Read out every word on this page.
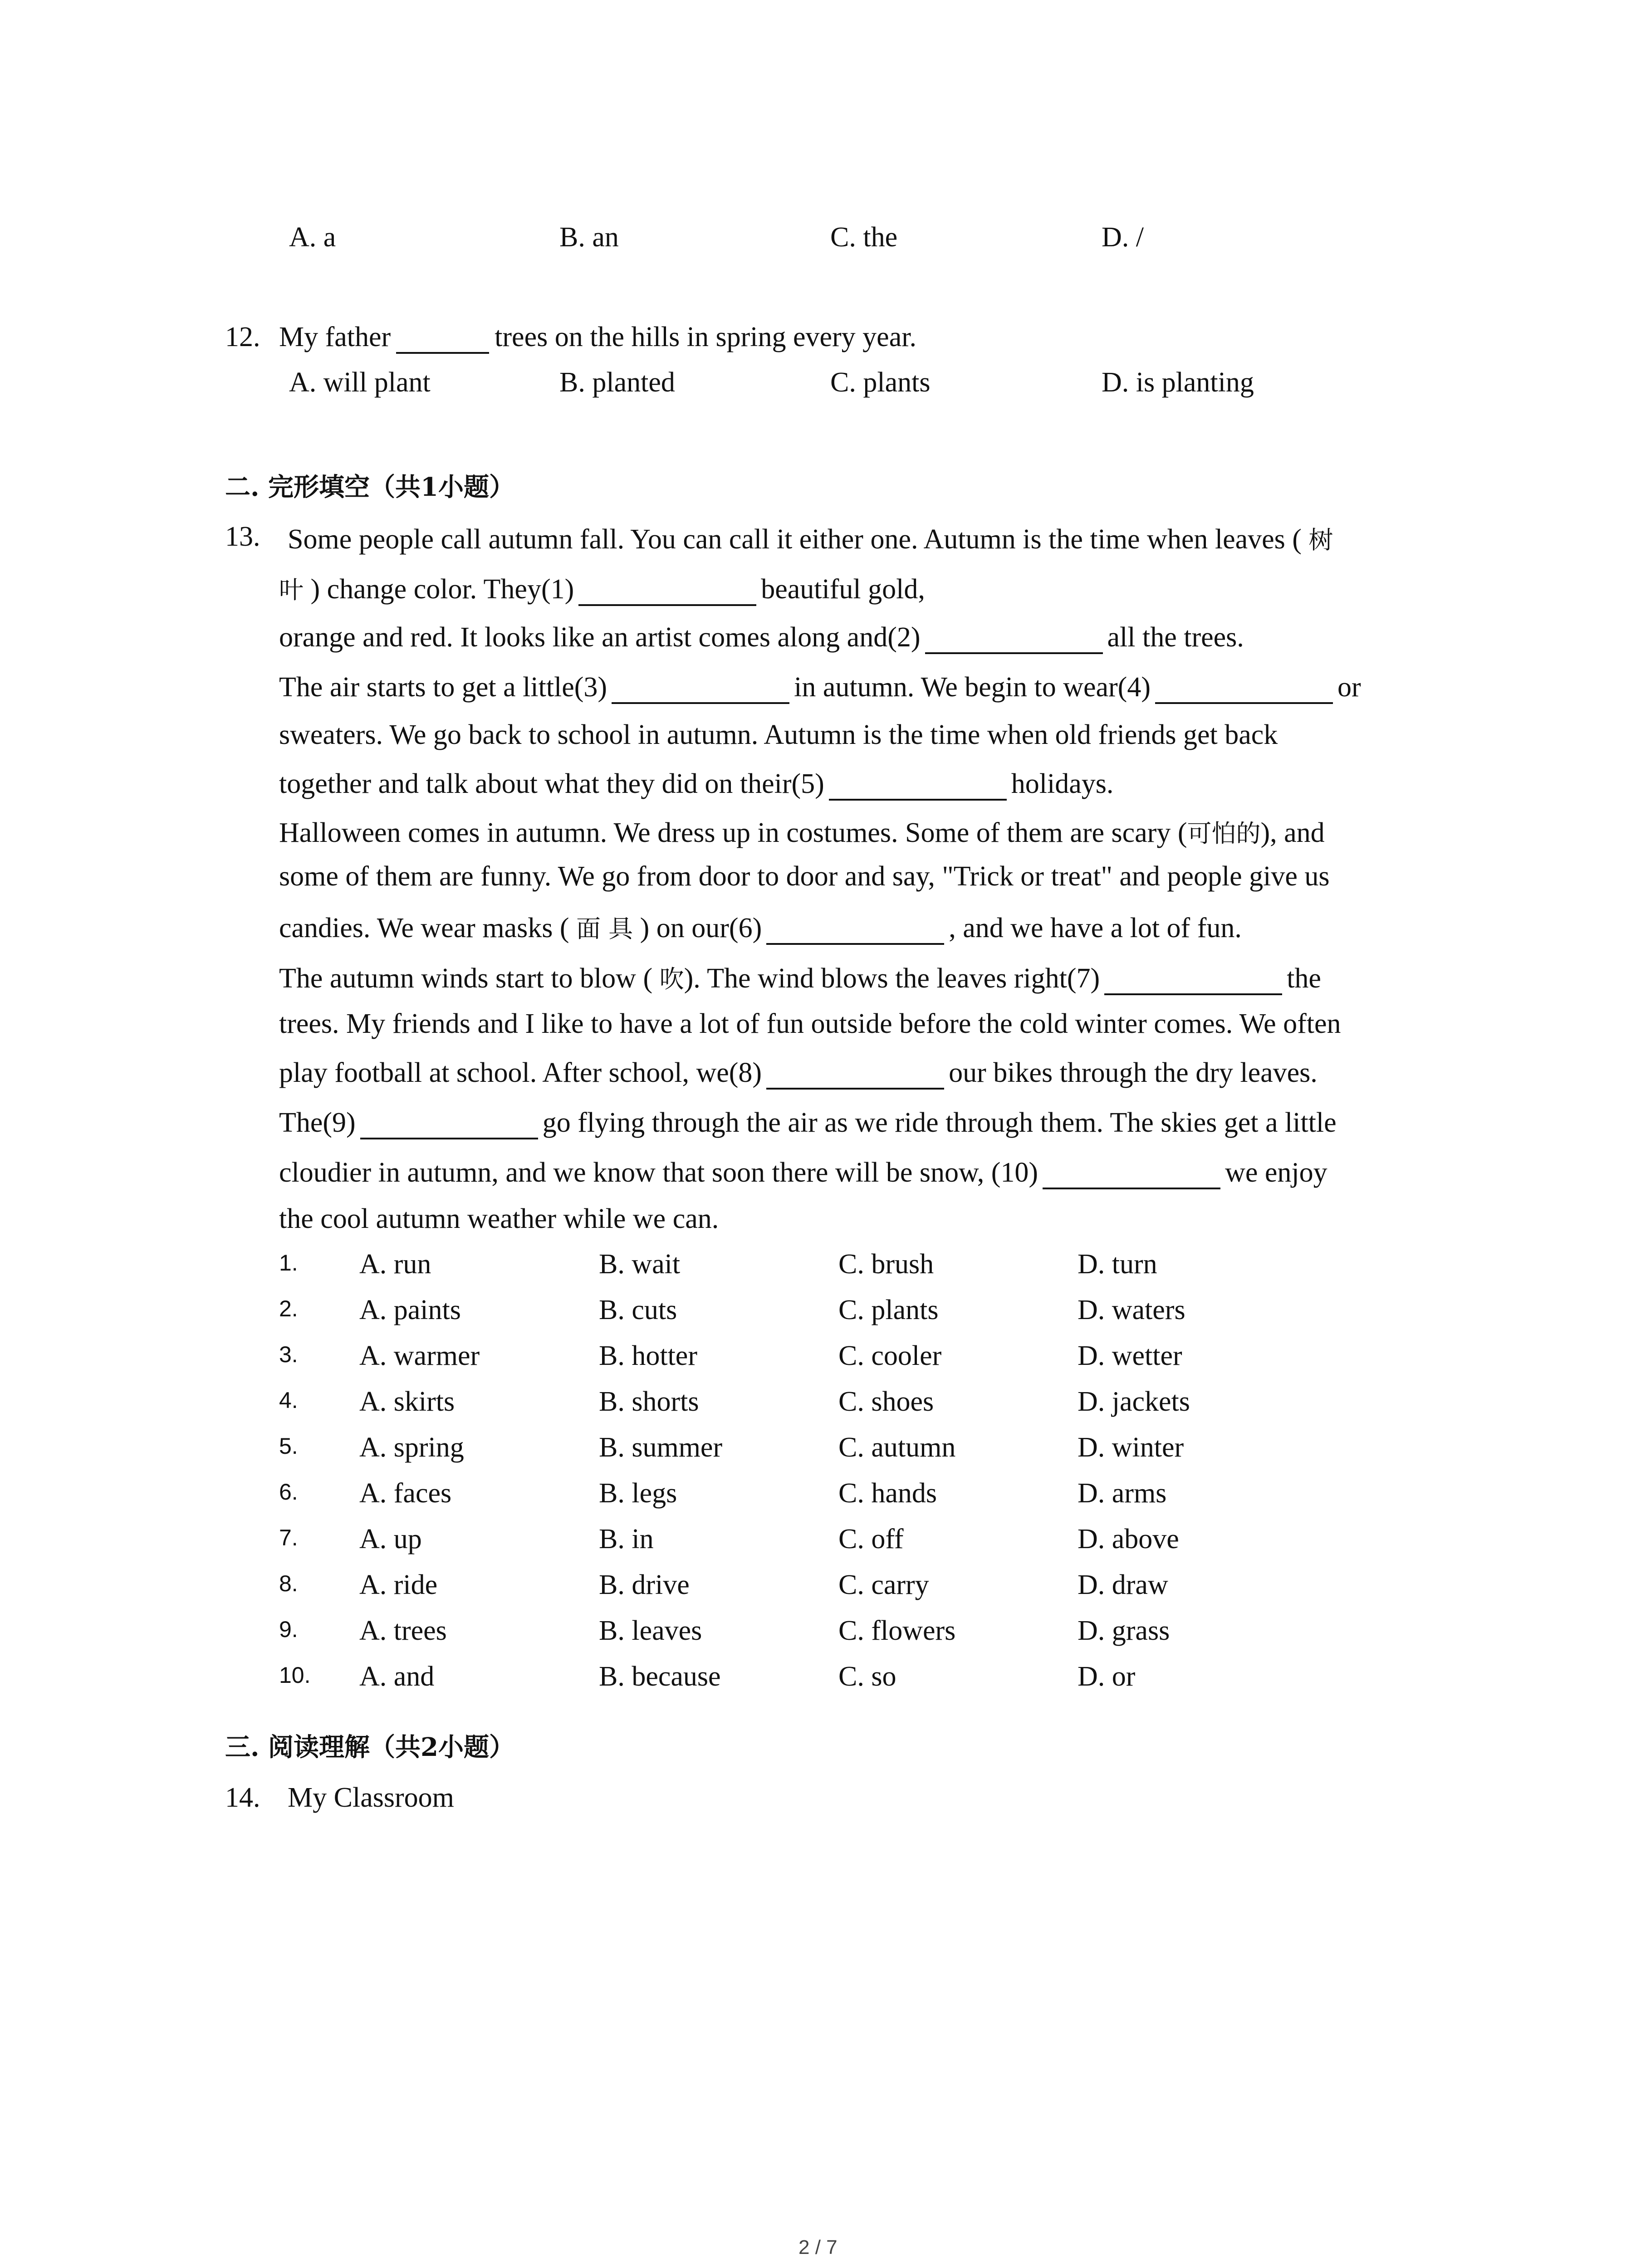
A. a	B. an	C. the	D. /
12. My father	trees on the hills in spring every year.
A. will plant	B. planted	C. plants	D. is planting
二. 完形填空（共1小题）
13. Some people call autumn fall. You can call it either one. Autumn is the time when leaves ( 树
叶 ) change color. They(1)	beautiful gold,
orange and red. It looks like an artist comes along and(2)	all the trees.
The air starts to get a little(3)	in autumn. We begin to wear(4)	or
sweaters. We go back to school in autumn. Autumn is the time when old friends get back
together and talk about what they did on their(5)	holidays.
Halloween comes in autumn. We dress up in costumes. Some of them are scary (可怕的), and
some of them are funny. We go from door to door and say, "Trick or treat" and people give us
candies. We wear masks ( 面 具 ) on our(6)	, and we have a lot of fun.
The autumn winds start to blow ( 吹). The wind blows the leaves right(7)	the
trees. My friends and I like to have a lot of fun outside before the cold winter comes. We often
play football at school. After school, we(8)	our bikes through the dry leaves.
The(9)	go flying through the air as we ride through them. The skies get a little
cloudier in autumn, and we know that soon there will be snow, (10)	we enjoy
the cool autumn weather while we can.
1. A. run	B. wait	C. brush	D. turn
2. A. paints	B. cuts	C. plants	D. waters
3. A. warmer	B. hotter	C. cooler	D. wetter
4. A. skirts	B. shorts	C. shoes	D. jackets
5. A. spring	B. summer	C. autumn	D. winter
6. A. faces	B. legs	C. hands	D. arms
7. A. up	B. in	C. off	D. above
8. A. ride	B. drive	C. carry	D. draw
9. A. trees	B. leaves	C. flowers	D. grass
10. A. and	B. because	C. so	D. or
三. 阅读理解（共2小题）
14. My Classroom
2 / 7
